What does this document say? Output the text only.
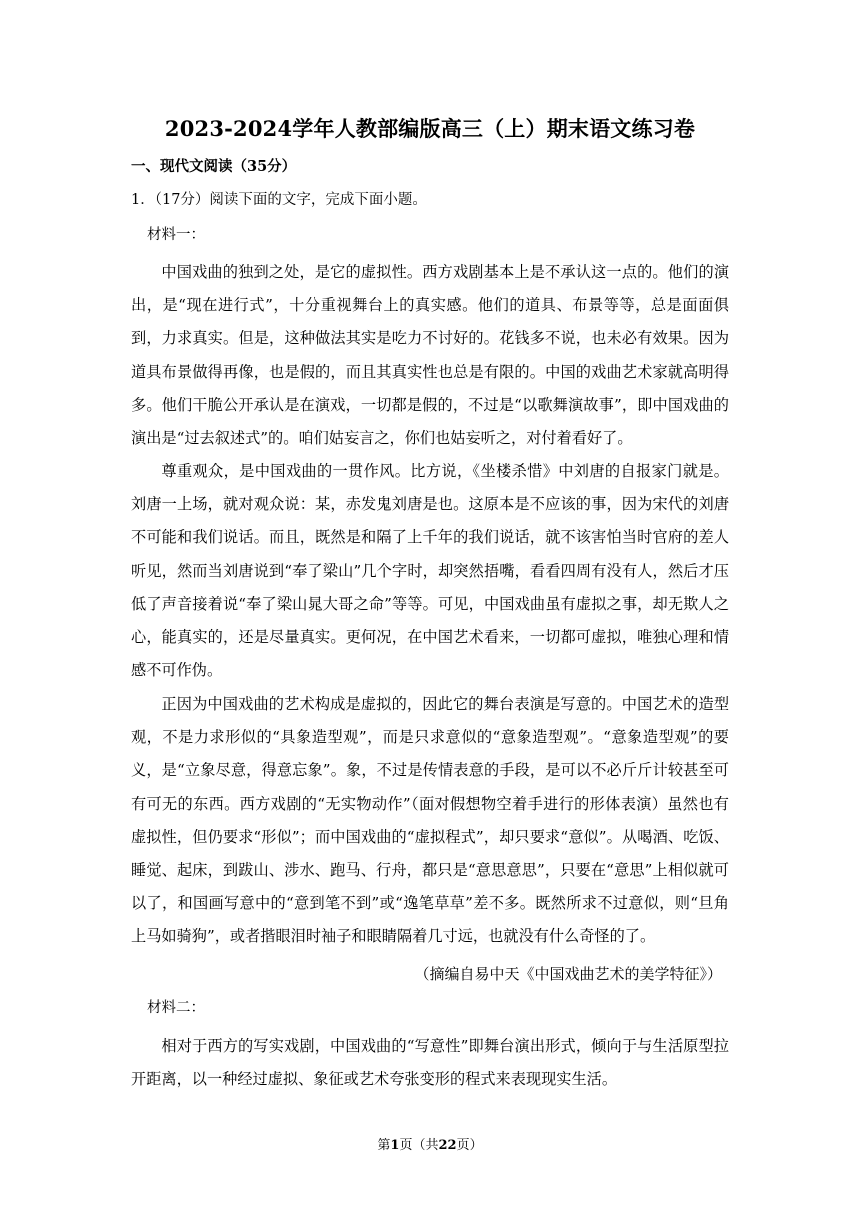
2023-2024学年人教部编版高三（上）期末语文练习卷
一、现代文阅读（35分）
1．（17分）阅读下面的文字，完成下面小题。
材料一：

中国戏曲的独到之处，是它的虚拟性。西方戏剧基本上是不承认这一点的。他们的演出，是“现在进行式”，十分重视舞台上的真实感。他们的道具、布景等等，总是面面俱到，力求真实。但是，这种做法其实是吃力不讨好的。花钱多不说，也未必有效果。因为道具布景做得再像，也是假的，而且其真实性也总是有限的。中国的戏曲艺术家就高明得多。他们干脆公开承认是在演戏，一切都是假的，不过是“以歌舞演故事”，即中国戏曲的演出是“过去叙述式”的。咱们姑妄言之，你们也姑妄听之，对付着看好了。

尊重观众，是中国戏曲的一贯作风。比方说，《坐楼杀惜》中刘唐的自报家门就是。刘唐一上场，就对观众说：某，赤发鬼刘唐是也。这原本是不应该的事，因为宋代的刘唐不可能和我们说话。而且，既然是和隔了上千年的我们说话，就不该害怕当时官府的差人听见，然而当刘唐说到“奉了梁山”几个字时，却突然捂嘴，看看四周有没有人，然后才压低了声音接着说“奉了梁山晁大哥之命”等等。可见，中国戏曲虽有虚拟之事，却无欺人之心，能真实的，还是尽量真实。更何况，在中国艺术看来，一切都可虚拟，唯独心理和情感不可作伪。

正因为中国戏曲的艺术构成是虚拟的，因此它的舞台表演是写意的。中国艺术的造型观，不是力求形似的“具象造型观”，而是只求意似的“意象造型观”。“意象造型观”的要义，是“立象尽意，得意忘象”。象，不过是传情表意的手段，是可以不必斤斤计较甚至可有可无的东西。西方戏剧的“无实物动作”（面对假想物空着手进行的形体表演）虽然也有虚拟性，但仍要求“形似”；而中国戏曲的“虚拟程式”，却只要求“意似”。从喝酒、吃饭、睡觉、起床，到跋山、涉水、跑马、行舟，都只是“意思意思”，只要在“意思”上相似就可以了，和国画写意中的“意到笔不到”或“逸笔草草”差不多。既然所求不过意似，则“旦角上马如骑狗”，或者揩眼泪时袖子和眼睛隔着几寸远，也就没有什么奇怪的了。

（摘编自易中天《中国戏曲艺术的美学特征》）
材料二：

相对于西方的写实戏剧，中国戏曲的“写意性”即舞台演出形式，倾向于与生活原型拉开距离，以一种经过虚拟、象征或艺术夸张变形的程式来表现现实生活。

第1页（共22页）
